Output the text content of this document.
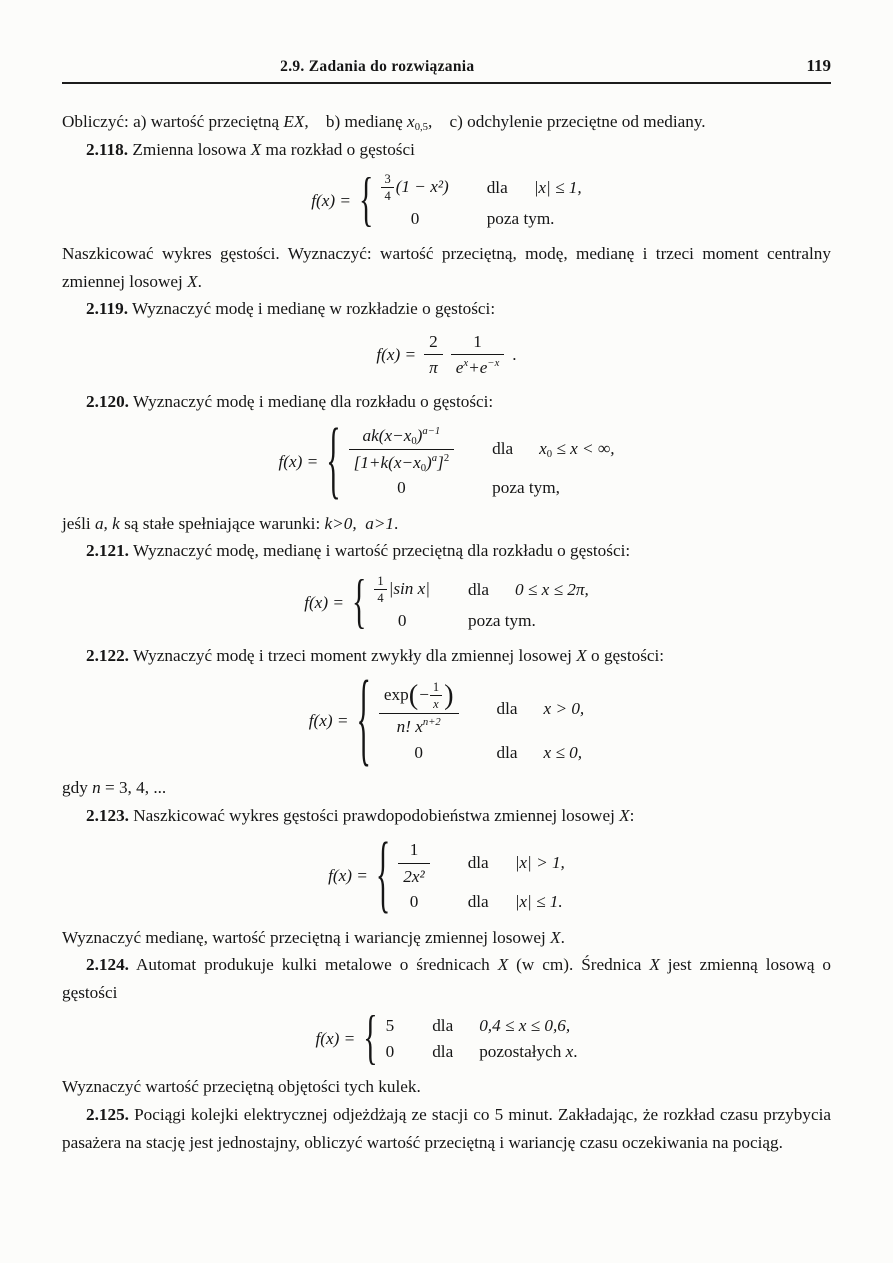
2.9. Zadania do rozwiązania	119

Obliczyć: a) wartość przeciętną EX, b) medianę $x_{0,5}$, c) odchylenie przeciętne od mediany.

2.118. Zmienna losowa X ma rozkład o gęstości

f(x) = { $\frac{3}{4} (1 - x^2)$	dla |x| ≤ 1,
0	poza tym.

Naszkicować wykres gęstości. Wyznaczyć: wartość przeciętną, modę, medianę i trzeci moment centralny zmiennej losowej X.

2.119. Wyznaczyć modę i medianę w rozkładzie o gęstości:

$f(x) = \frac{2}{\pi} \frac{1}{e^x+e^{-x}}$ .

2.120. Wyznaczyć modę i medianę dla rozkładu o gęstości:

f(x) = { $\frac{ak(x-x_0)^{a-1}}{[1+k(x-x_0)^a]^2}$	dla $x_0 \le x$ < ∞,
0	poza tym,

jeśli a, k są stałe spełniające warunki: k>0, a>1.

2.121. Wyznaczyć modę, medianę i wartość przeciętną dla rozkładu o gęstości:

f(x) = { $\frac{1}{4} |\sin$ x|	dla 0 ≤ x ≤ 2π,
0	poza tym.

2.122. Wyznaczyć modę i trzeci moment zwykły dla zmiennej losowej X o gęstości:

f(x) = { $\frac{\exp(- \frac{1}{x} )}{n! x^{n+2}}$	dla x > 0,
0	dla x ≤ 0,

gdy n = 3, 4, ...

2.123. Naszkicować wykres gęstości prawdopodobieństwa zmiennej losowej X:

f(x) = { $\frac{1}{\text{2x²}}$	dla |x| > 1,
0	dla |x| ≤ 1.

Wyznaczyć medianę, wartość przeciętną i wariancję zmiennej losowej X.

2.124. Automat produkuje kulki metalowe o średnicach X (w cm). Średnica X jest zmienną losową o gęstości

f(x) = { 5	dla 0,4 ≤ x ≤ 0,6,
0	dla pozostałych x.

Wyznaczyć wartość przeciętną objętości tych kulek.

2.125. Pociągi kolejki elektrycznej odjeżdżają ze stacji co 5 minut. Zakładając, że rozkład czasu przybycia pasażera na stację jest jednostajny, obliczyć wartość przeciętną i wariancję czasu oczekiwania na pociąg.
